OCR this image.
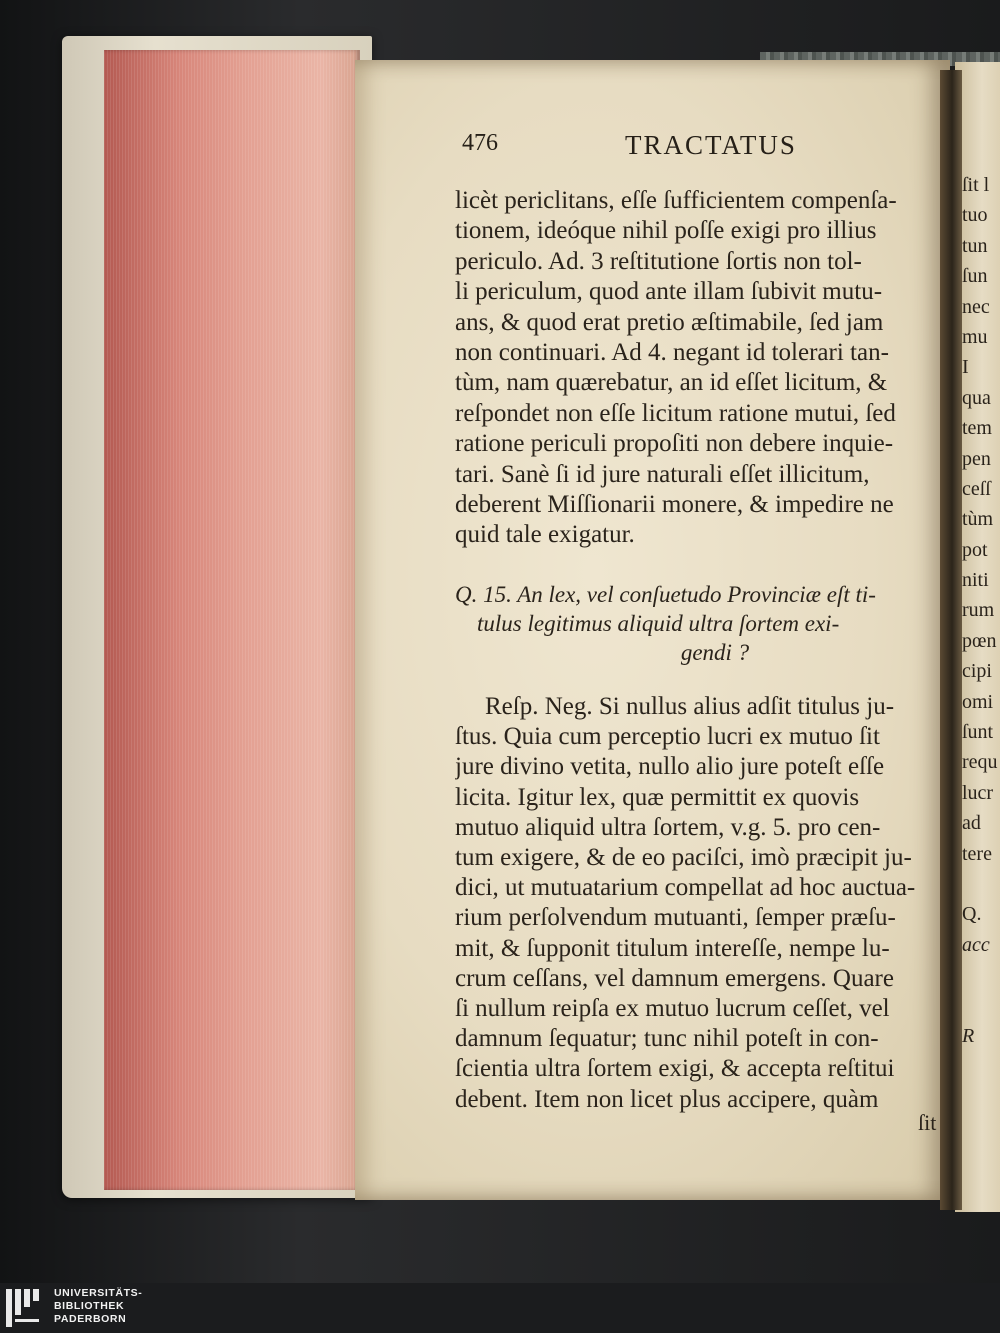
476	TRACTATUS
licèt periclitans, eſſe ſufficientem compenſa-
tionem, ideóque nihil poſſe exigi pro illius
periculo. Ad. 3 reſtitutione ſortis non tol-
li periculum, quod ante illam ſubivit mutu-
ans, & quod erat pretio æſtimabile, ſed jam
non continuari. Ad 4. negant id tolerari tan-
tùm, nam quærebatur, an id eſſet licitum, &
reſpondet non eſſe licitum ratione mutui, ſed
ratione periculi propoſiti non debere inquie-
tari. Sanè ſi id jure naturali eſſet illicitum,
deberent Miſſionarii monere, & impedire ne
quid tale exigatur.
Q. 15. An lex, vel conſuetudo Provinciæ eſt ti-
tulus legitimus aliquid ultra ſortem exi-
gendi ?
Reſp. Neg. Si nullus alius adſit titulus ju-
ſtus. Quia cum perceptio lucri ex mutuo ſit
jure divino vetita, nullo alio jure poteſt eſſe
licita. Igitur lex, quæ permittit ex quovis
mutuo aliquid ultra ſortem, v.g. 5. pro cen-
tum exigere, & de eo paciſci, imò præcipit ju-
dici, ut mutuatarium compellat ad hoc auctua-
rium perſolvendum mutuanti, ſemper præſu-
mit, & ſupponit titulum intereſſe, nempe lu-
crum ceſſans, vel damnum emergens. Quare
ſi nullum reipſa ex mutuo lucrum ceſſet, vel
damnum ſequatur; tunc nihil poteſt in con-
ſcientia ultra ſortem exigi, & accepta reſtitui
debent. Item non licet plus accipere, quàm
ſit
ſit l
tuo
tun
ſun
nec
mu
I
qua
tem
pen
ceſſ
tùm
pot
niti
rum
pœn
cipi
omi
ſunt
requ
lucr
ad
tere
Q.
acc
R
UNIVERSITÄTS-
BIBLIOTHEK
PADERBORN
